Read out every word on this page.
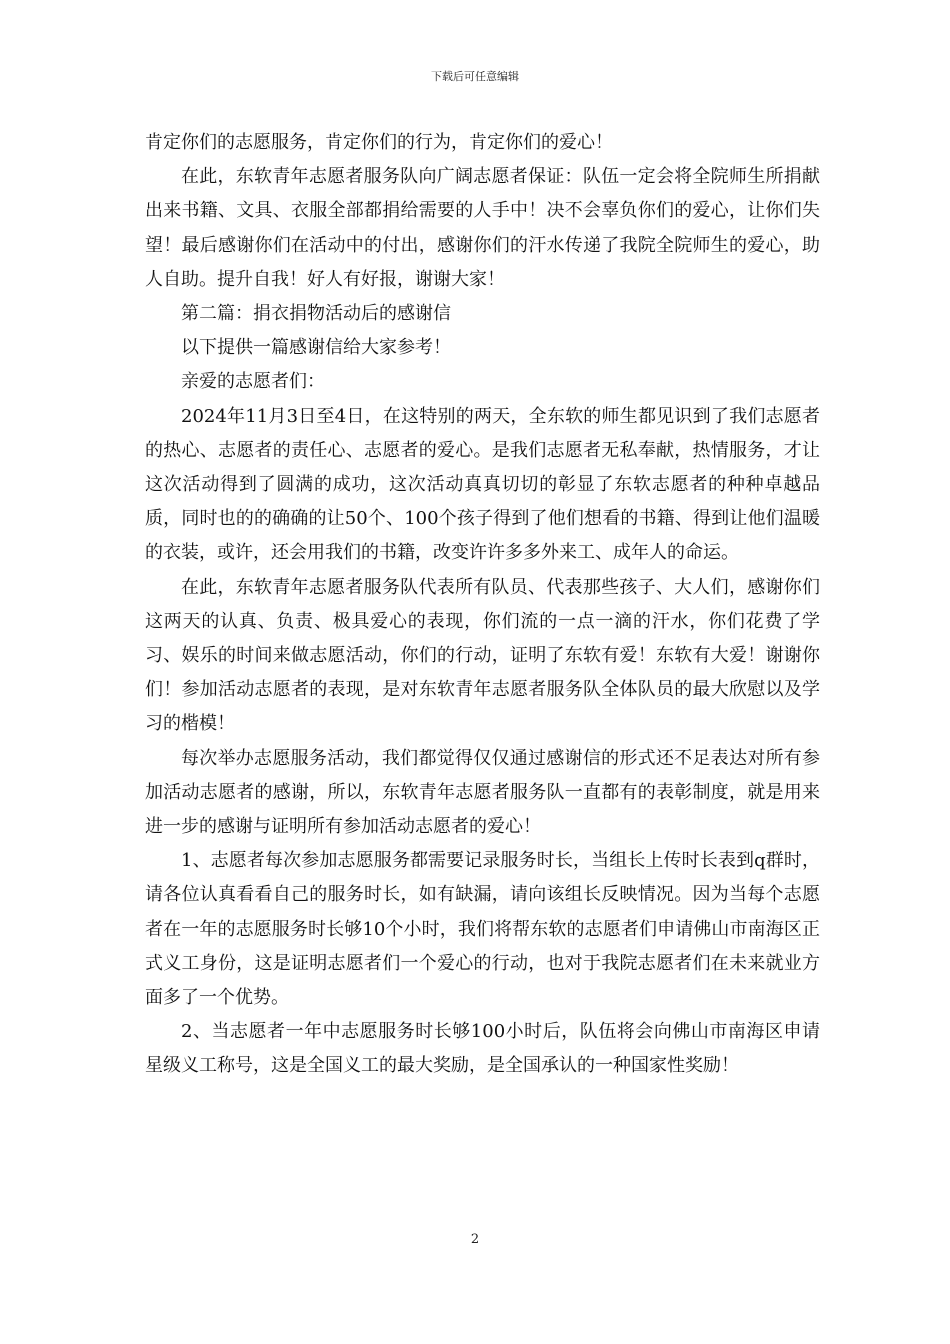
下载后可任意编辑

肯定你们的志愿服务，肯定你们的行为，肯定你们的爱心！

在此，东软青年志愿者服务队向广阔志愿者保证：队伍一定会将全院师生所捐献出来书籍、文具、衣服全部都捐给需要的人手中！决不会辜负你们的爱心，让你们失望！最后感谢你们在活动中的付出，感谢你们的汗水传递了我院全院师生的爱心，助人自助。提升自我！好人有好报，谢谢大家！

第二篇：捐衣捐物活动后的感谢信

以下提供一篇感谢信给大家参考！

亲爱的志愿者们：

2024年11月3日至4日，在这特别的两天，全东软的师生都见识到了我们志愿者的热心、志愿者的责任心、志愿者的爱心。是我们志愿者无私奉献，热情服务，才让这次活动得到了圆满的成功，这次活动真真切切的彰显了东软志愿者的种种卓越品质，同时也的的确确的让50个、100个孩子得到了他们想看的书籍、得到让他们温暖的衣装，或许，还会用我们的书籍，改变许许多多外来工、成年人的命运。

在此，东软青年志愿者服务队代表所有队员、代表那些孩子、大人们，感谢你们这两天的认真、负责、极具爱心的表现，你们流的一点一滴的汗水，你们花费了学习、娱乐的时间来做志愿活动，你们的行动，证明了东软有爱！东软有大爱！谢谢你们！参加活动志愿者的表现，是对东软青年志愿者服务队全体队员的最大欣慰以及学习的楷模！

每次举办志愿服务活动，我们都觉得仅仅通过感谢信的形式还不足表达对所有参加活动志愿者的感谢，所以，东软青年志愿者服务队一直都有的表彰制度，就是用来进一步的感谢与证明所有参加活动志愿者的爱心！

1、志愿者每次参加志愿服务都需要记录服务时长，当组长上传时长表到q群时，请各位认真看看自己的服务时长，如有缺漏，请向该组长反映情况。因为当每个志愿者在一年的志愿服务时长够10个小时，我们将帮东软的志愿者们申请佛山市南海区正式义工身份，这是证明志愿者们一个爱心的行动，也对于我院志愿者们在未来就业方面多了一个优势。

2、当志愿者一年中志愿服务时长够100小时后，队伍将会向佛山市南海区申请星级义工称号，这是全国义工的最大奖励，是全国承认的一种国家性奖励！

2
